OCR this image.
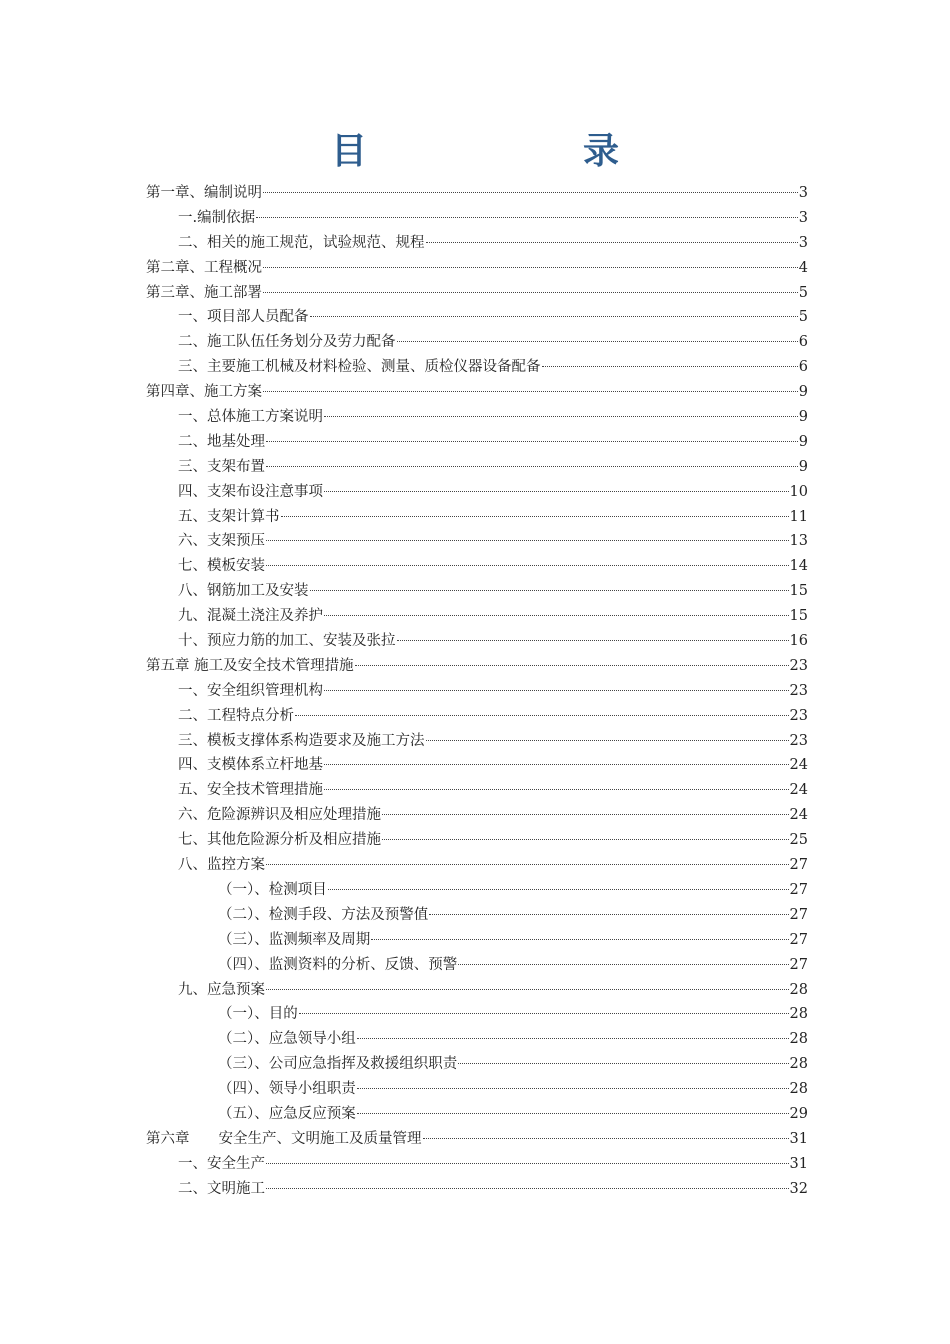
目　　录
第一章、编制说明	3
一.编制依据	3
二、相关的施工规范，试验规范、规程	3
第二章、工程概况	4
第三章、施工部署	5
一、项目部人员配备	5
二、施工队伍任务划分及劳力配备	6
三、主要施工机械及材料检验、测量、质检仪器设备配备	6
第四章、施工方案	9
一、总体施工方案说明	9
二、地基处理	9
三、支架布置	9
四、支架布设注意事项	10
五、支架计算书	11
六、支架预压	13
七、模板安装	14
八、钢筋加工及安装	15
九、混凝土浇注及养护	15
十、预应力筋的加工、安装及张拉	16
第五章 施工及安全技术管理措施	23
一、安全组织管理机构	23
二、工程特点分析	23
三、模板支撑体系构造要求及施工方法	23
四、支模体系立杆地基	24
五、安全技术管理措施	24
六、危险源辨识及相应处理措施	24
七、其他危险源分析及相应措施	25
八、监控方案	27
（一）、检测项目	27
（二）、检测手段、方法及预警值	27
（三）、监测频率及周期	27
（四）、监测资料的分析、反馈、预警	27
九、应急预案	28
（一）、目的	28
（二）、应急领导小组	28
（三）、公司应急指挥及救援组织职责	28
（四）、领导小组职责	28
（五）、应急反应预案	29
第六章　　安全生产、文明施工及质量管理	31
一、安全生产	31
二、文明施工	32
